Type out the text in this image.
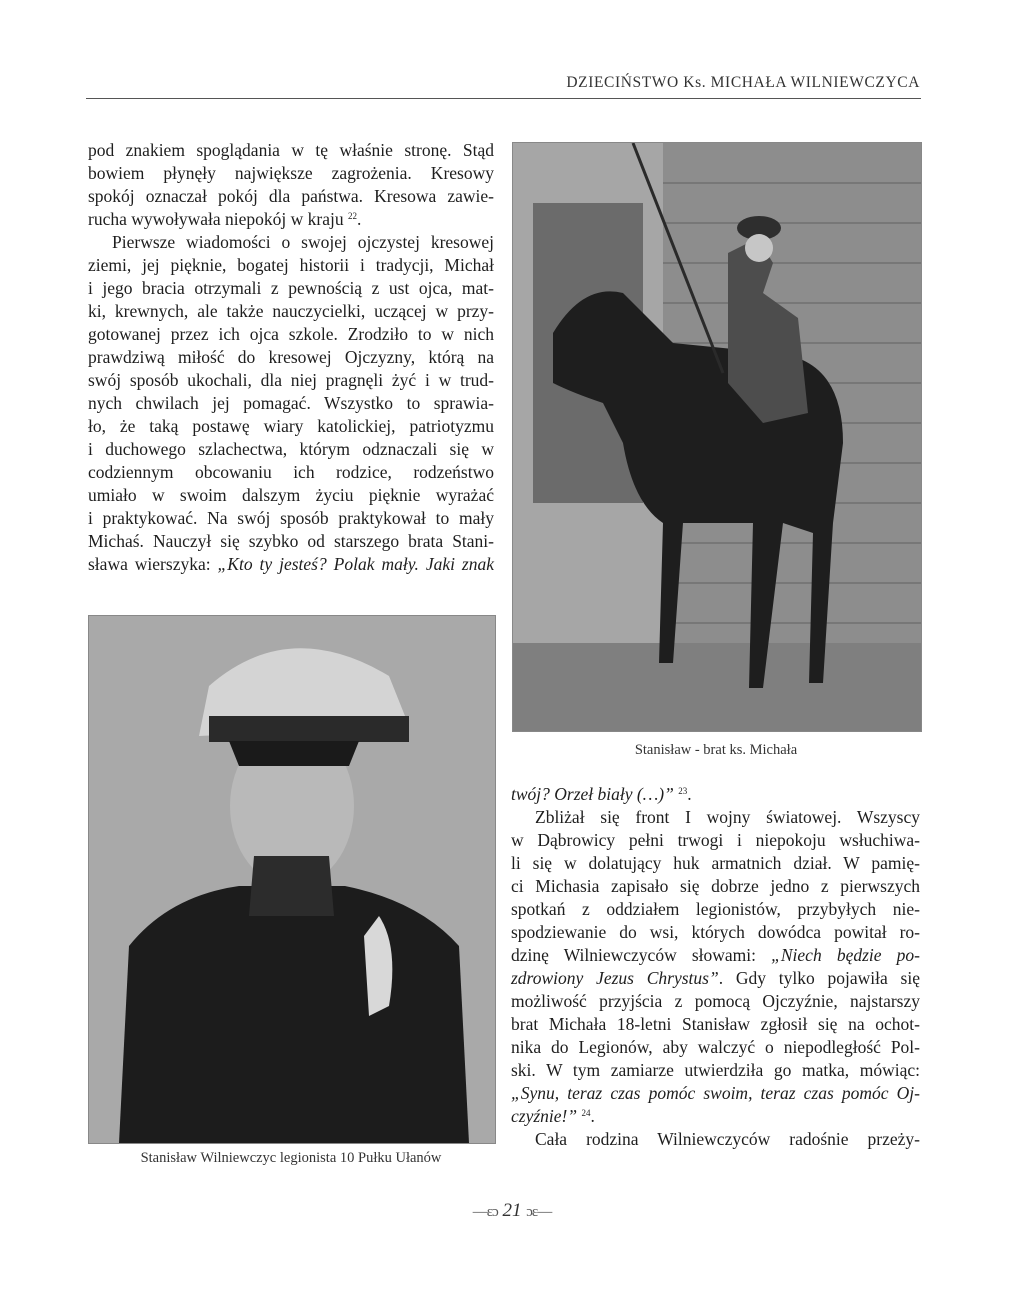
DZIECIŃSTWO Ks. MICHAŁA WILNIEWCZYCA

pod znakiem spoglądania w tę właśnie stronę. Stąd
bowiem płynęły największe zagrożenia. Kresowy
spokój oznaczał pokój dla państwa. Kresowa zawie-
rucha wywoływała niepokój w kraju $^{22}$.

Pierwsze wiadomości o swojej ojczystej kresowej
ziemi, jej pięknie, bogatej historii i tradycji, Michał
i jego bracia otrzymali z pewnością z ust ojca, mat-
ki, krewnych, ale także nauczycielki, uczącej w przy-
gotowanej przez ich ojca szkole. Zrodziło to w nich
prawdziwą miłość do kresowej Ojczyzny, którą na
swój sposób ukochali, dla niej pragnęli żyć i w trud-
nych chwilach jej pomagać. Wszystko to sprawia-
ło, że taką postawę wiary katolickiej, patriotyzmu
i duchowego szlachectwa, którym odznaczali się w
codziennym obcowaniu ich rodzice, rodzeństwo
umiało w swoim dalszym życiu pięknie wyrażać
i praktykować. Na swój sposób praktykował to mały
Michaś. Nauczył się szybko od starszego brata Stani-
sława wierszyka: „Kto ty jesteś? Polak mały. Jaki znak

Stanisław - brat ks. Michała
Stanisław Wilniewczyc legionista 10 Pułku Ułanów

twój? Orzeł biały (…)” $^{23}$.

Zbliżał się front I wojny światowej. Wszyscy
w Dąbrowicy pełni trwogi i niepokoju wsłuchiwa-
li się w dolatujący huk armatnich dział. W pamię-
ci Michasia zapisało się dobrze jedno z pierwszych
spotkań z oddziałem legionistów, przybyłych nie-
spodziewanie do wsi, których dowódca powitał ro-
dzinę Wilniewczyców słowami: „Niech będzie po-
zdrowiony Jezus Chrystus”. Gdy tylko pojawiła się
możliwość przyjścia z pomocą Ojczyźnie, najstarszy
brat Michała 18-letni Stanisław zgłosił się na ochot-
nika do Legionów, aby walczyć o niepodległość Pol-
ski. W tym zamiarze utwierdziła go matka, mówiąc:
„Synu, teraz czas pomóc swoim, teraz czas pomóc Oj-
czyźnie!” $^{24}$.

Cała rodzina Wilniewczyców radośnie przeży-

—ɛɔ 21 ɔɛ—
